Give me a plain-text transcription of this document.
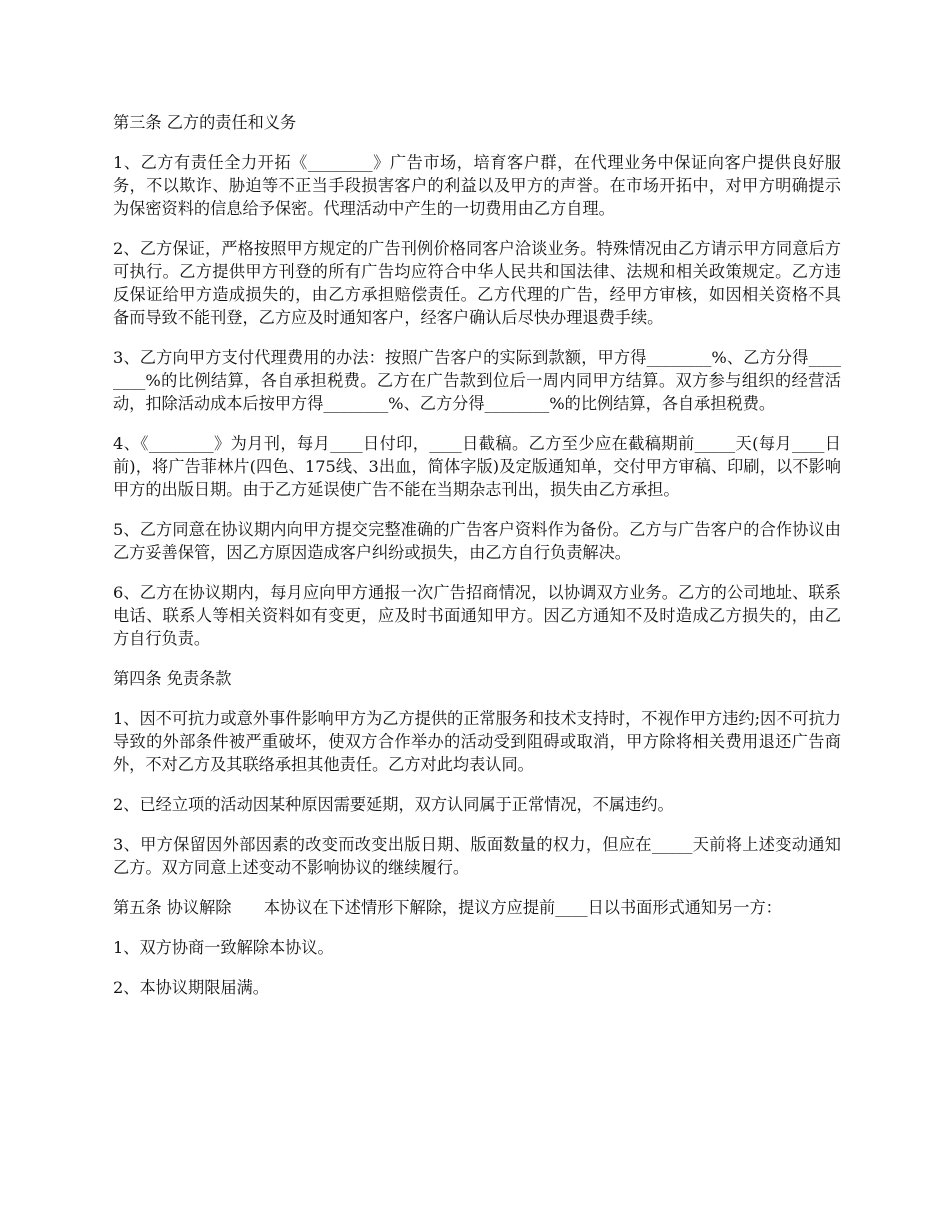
第三条 乙方的责任和义务

1、乙方有责任全力开拓《________》广告市场，培育客户群，在代理业务中保证向客户提供良好服务，不以欺诈、胁迫等不正当手段损害客户的利益以及甲方的声誉。在市场开拓中，对甲方明确提示为保密资料的信息给予保密。代理活动中产生的一切费用由乙方自理。

2、乙方保证，严格按照甲方规定的广告刊例价格同客户洽谈业务。特殊情况由乙方请示甲方同意后方可执行。乙方提供甲方刊登的所有广告均应符合中华人民共和国法律、法规和相关政策规定。乙方违反保证给甲方造成损失的，由乙方承担赔偿责任。乙方代理的广告，经甲方审核，如因相关资格不具备而导致不能刊登，乙方应及时通知客户，经客户确认后尽快办理退费手续。

3、乙方向甲方支付代理费用的办法：按照广告客户的实际到款额，甲方得________%、乙方分得________%的比例结算，各自承担税费。乙方在广告款到位后一周内同甲方结算。双方参与组织的经营活动，扣除活动成本后按甲方得________%、乙方分得________%的比例结算，各自承担税费。

4、《________》为月刊，每月____日付印，____日截稿。乙方至少应在截稿期前_____天(每月____日前)，将广告菲林片(四色、175线、3出血，简体字版)及定版通知单，交付甲方审稿、印刷，以不影响甲方的出版日期。由于乙方延误使广告不能在当期杂志刊出，损失由乙方承担。

5、乙方同意在协议期内向甲方提交完整准确的广告客户资料作为备份。乙方与广告客户的合作协议由乙方妥善保管，因乙方原因造成客户纠纷或损失，由乙方自行负责解决。

6、乙方在协议期内，每月应向甲方通报一次广告招商情况，以协调双方业务。乙方的公司地址、联系电话、联系人等相关资料如有变更，应及时书面通知甲方。因乙方通知不及时造成乙方损失的，由乙方自行负责。

第四条 免责条款

1、因不可抗力或意外事件影响甲方为乙方提供的正常服务和技术支持时，不视作甲方违约;因不可抗力导致的外部条件被严重破坏，使双方合作举办的活动受到阻碍或取消，甲方除将相关费用退还广告商外，不对乙方及其联络承担其他责任。乙方对此均表认同。

2、已经立项的活动因某种原因需要延期，双方认同属于正常情况，不属违约。

3、甲方保留因外部因素的改变而改变出版日期、版面数量的权力，但应在_____天前将上述变动通知乙方。双方同意上述变动不影响协议的继续履行。

第五条 协议解除　　本协议在下述情形下解除，提议方应提前____日以书面形式通知另一方：

1、双方协商一致解除本协议。

2、本协议期限届满。
